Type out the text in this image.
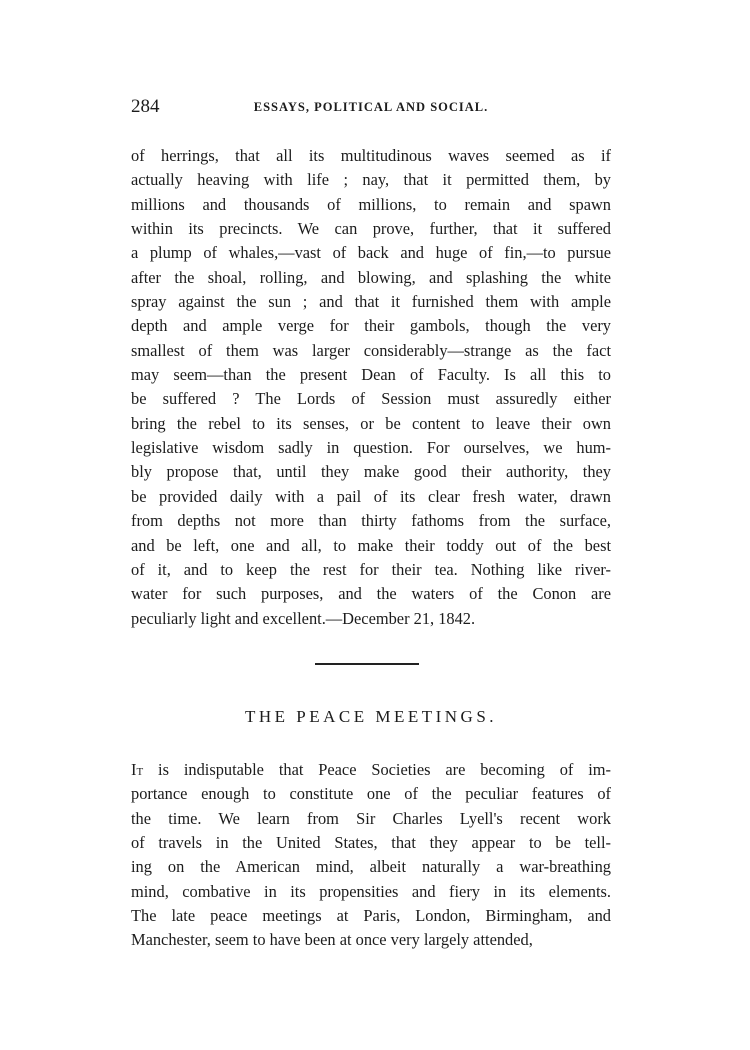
284	ESSAYS, POLITICAL AND SOCIAL.

of herrings, that all its multitudinous waves seemed as if
actually heaving with life ; nay, that it permitted them, by
millions and thousands of millions, to remain and spawn
within its precincts. We can prove, further, that it suffered
a plump of whales,—vast of back and huge of fin,—to pursue
after the shoal, rolling, and blowing, and splashing the white
spray against the sun ; and that it furnished them with ample
depth and ample verge for their gambols, though the very
smallest of them was larger considerably—strange as the fact
may seem—than the present Dean of Faculty. Is all this to
be suffered ? The Lords of Session must assuredly either
bring the rebel to its senses, or be content to leave their own
legislative wisdom sadly in question. For ourselves, we hum-
bly propose that, until they make good their authority, they
be provided daily with a pail of its clear fresh water, drawn
from depths not more than thirty fathoms from the surface,
and be left, one and all, to make their toddy out of the best
of it, and to keep the rest for their tea. Nothing like river-
water for such purposes, and the waters of the Conon are
peculiarly light and excellent.—December 21, 1842.

THE PEACE MEETINGS.

It is indisputable that Peace Societies are becoming of im-
portance enough to constitute one of the peculiar features of
the time. We learn from Sir Charles Lyell's recent work
of travels in the United States, that they appear to be tell-
ing on the American mind, albeit naturally a war-breathing
mind, combative in its propensities and fiery in its elements.
The late peace meetings at Paris, London, Birmingham, and
Manchester, seem to have been at once very largely attended,
